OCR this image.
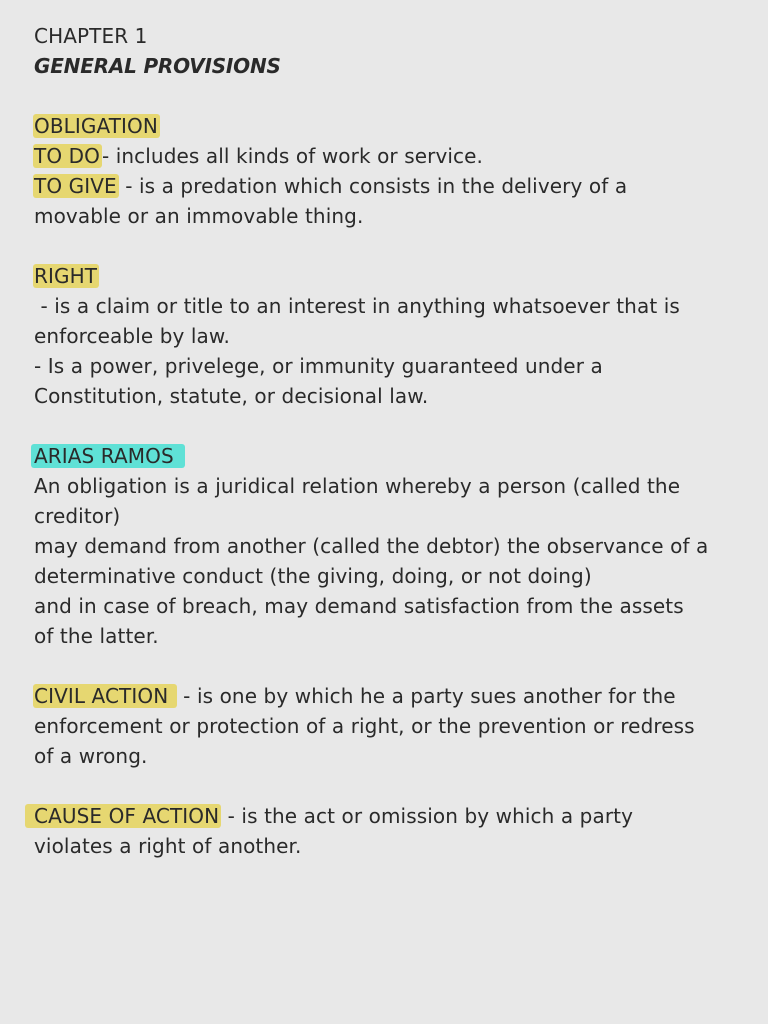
CHAPTER 1
GENERAL PROVISIONS
OBLIGATION
TO DO - includes all kinds of work or service.
TO GIVE - is a predation which consists in the delivery of a
movable or an immovable thing.
RIGHT
- is a claim or title to an interest in anything whatsoever that is
enforceable by law.
- Is a power, privelege, or immunity guaranteed under a
Constitution, statute, or decisional law.
ARIAS RAMOS
An obligation is a juridical relation whereby a person (called the
creditor)
may demand from another (called the debtor) the observance of a
determinative conduct (the giving, doing, or not doing)
and in case of breach, may demand satisfaction from the assets
of the latter.
CIVIL ACTION  - is one by which he a party sues another for the
enforcement or protection of a right, or the prevention or redress
of a wrong.
CAUSE OF ACTION - is the act or omission by which a party
violates a right of another.
